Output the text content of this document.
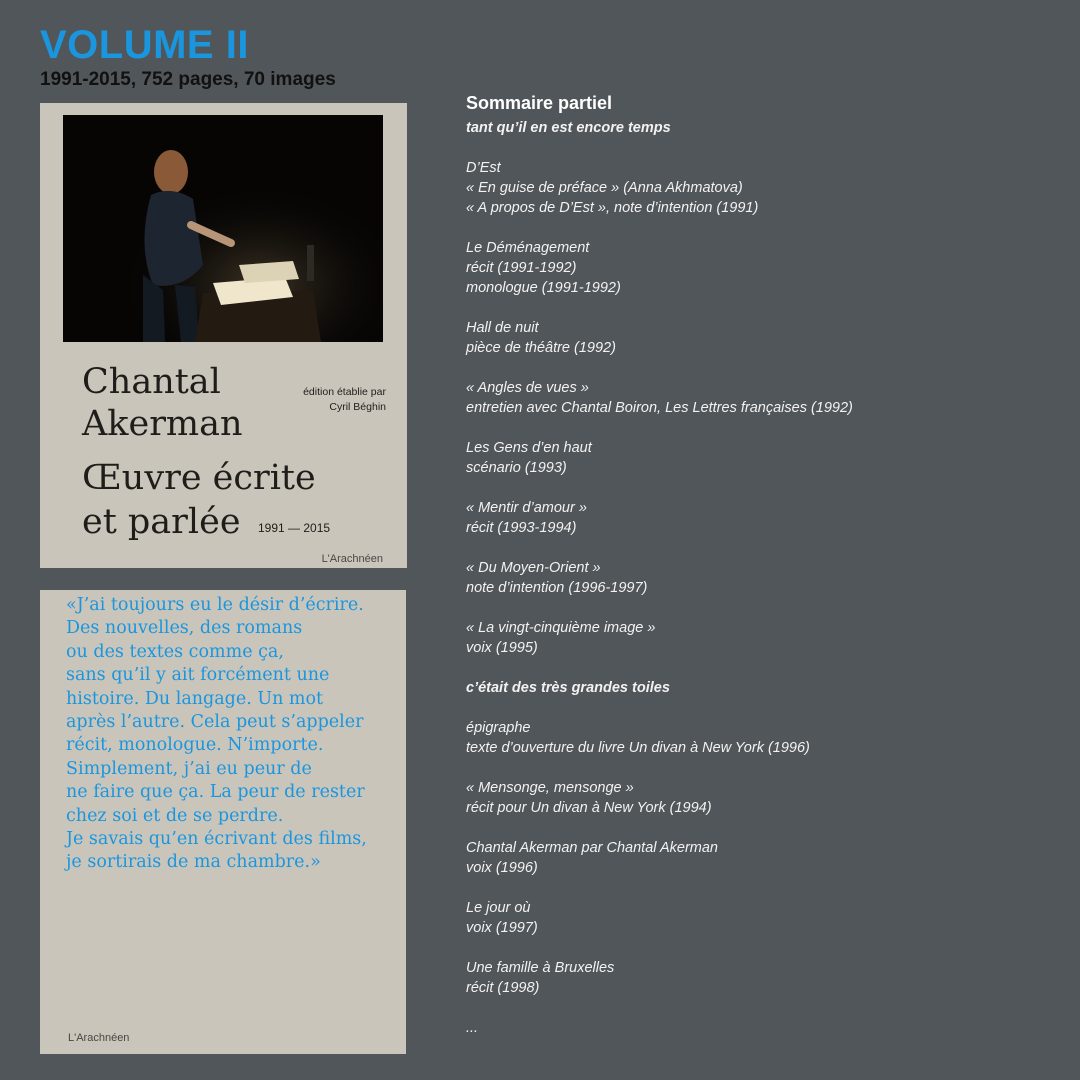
VOLUME II

1991-2015, 752 pages, 70 images

Chantal
Akerman
édition établie par
Cyril Béghin
Œuvre écrite
et parlée	1991 — 2015
L'Arachnéen
«J’ai toujours eu le désir d’écrire.
Des nouvelles, des romans
ou des textes comme ça,
sans qu’il y ait forcément une
histoire. Du langage. Un mot
après l’autre. Cela peut s’appeler
récit, monologue. N’importe.
Simplement, j’ai eu peur de
ne faire que ça. La peur de rester
chez soi et de se perdre.
Je savais qu’en écrivant des films,
je sortirais de ma chambre.»
L'Arachnéen
Sommaire partiel
tant qu’il en est encore temps
D’Est
« En guise de préface » (Anna Akhmatova)
« A propos de D’Est », note d’intention (1991)
Le Déménagement
récit (1991-1992)
monologue (1991-1992)
Hall de nuit
pièce de théâtre (1992)
« Angles de vues »
entretien avec Chantal Boiron, Les Lettres françaises (1992)
Les Gens d’en haut
scénario (1993)
« Mentir d’amour »
récit (1993-1994)
« Du Moyen-Orient »
note d’intention (1996-1997)
« La vingt-cinquième image »
voix (1995)
c’était des très grandes toiles
épigraphe
texte d’ouverture du livre Un divan à New York (1996)
« Mensonge, mensonge »
récit pour Un divan à New York (1994)
Chantal Akerman par Chantal Akerman
voix (1996)
Le jour où
voix (1997)
Une famille à Bruxelles
récit (1998)
...
